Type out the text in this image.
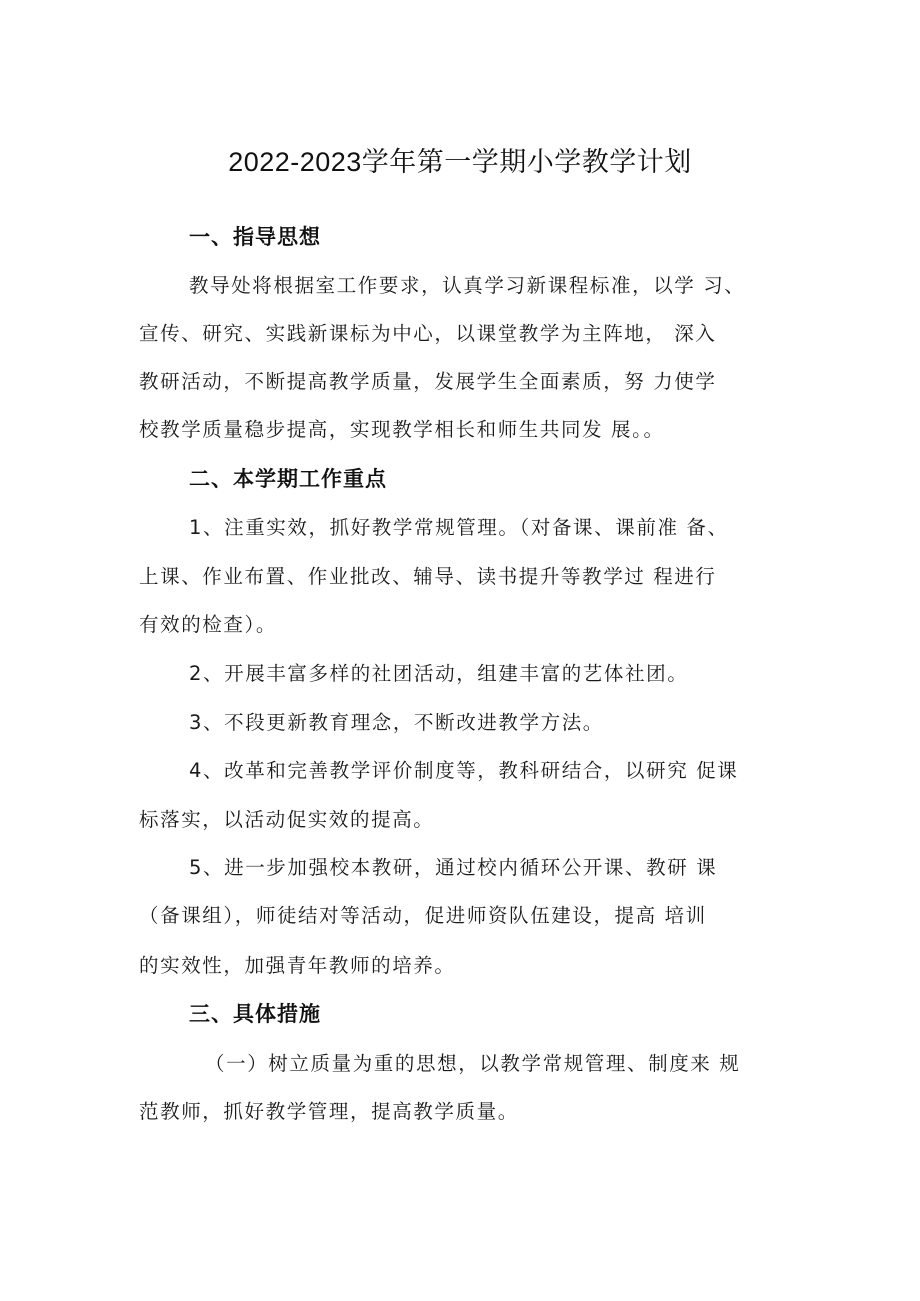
2022-2023学年第一学期小学教学计划
一、指导思想
教导处将根据室工作要求，认真学习新课程标准，以学 习、
宣传、研究、实践新课标为中心，以课堂教学为主阵地， 深入
教研活动，不断提高教学质量，发展学生全面素质，努 力使学
校教学质量稳步提高，实现教学相长和师生共同发 展。。
二、本学期工作重点
1、注重实效，抓好教学常规管理。（对备课、课前准 备、
上课、作业布置、作业批改、辅导、读书提升等教学过 程进行
有效的检查）。
2、开展丰富多样的社团活动，组建丰富的艺体社团。
3、不段更新教育理念，不断改进教学方法。
4、改革和完善教学评价制度等，教科研结合，以研究 促课
标落实，以活动促实效的提高。
5、进一步加强校本教研，通过校内循环公开课、教研 课
（备课组），师徒结对等活动，促进师资队伍建设，提高 培训
的实效性，加强青年教师的培养。
三、具体措施
（一）树立质量为重的思想，以教学常规管理、制度来 规
范教师，抓好教学管理，提高教学质量。
